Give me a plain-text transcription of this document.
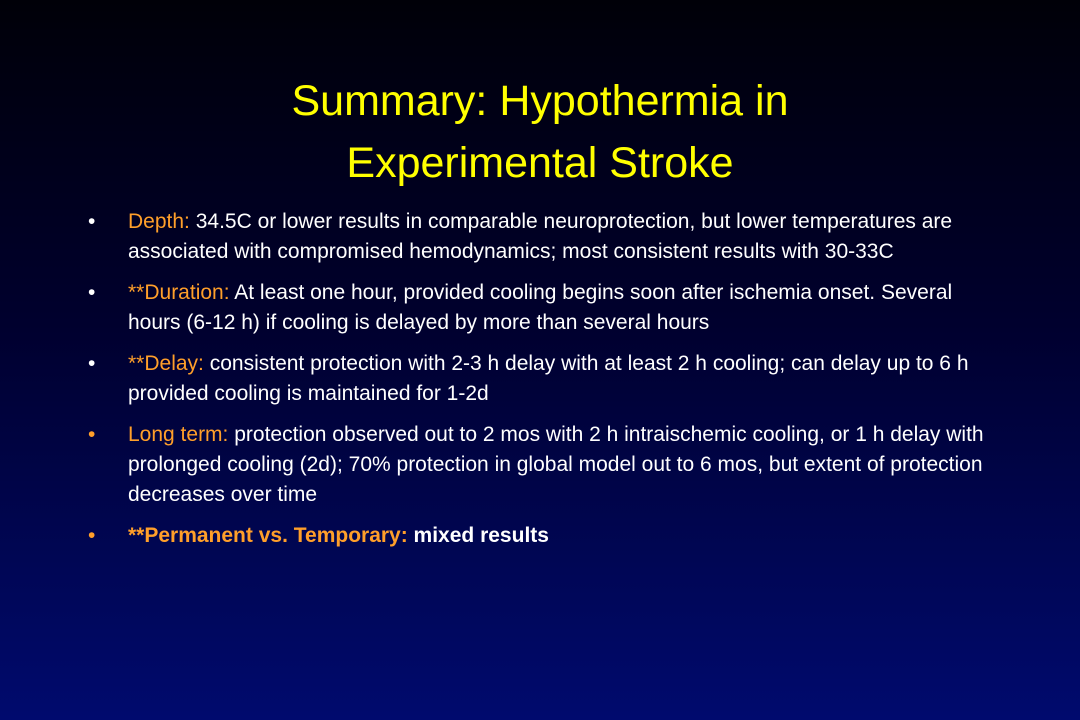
Summary: Hypothermia in
Experimental Stroke
• Depth: 34.5C or lower results in comparable neuroprotection, but lower temperatures are associated with compromised hemodynamics; most consistent results with 30-33C
• **Duration: At least one hour, provided cooling begins soon after ischemia onset. Several hours (6-12 h) if cooling is delayed by more than several hours
• **Delay: consistent protection with 2-3 h delay with at least 2 h cooling; can delay up to 6 h provided cooling is maintained for 1-2d
• Long term: protection observed out to 2 mos with 2 h intraischemic cooling, or 1 h delay with prolonged cooling (2d); 70% protection in global model out to 6 mos, but extent of protection decreases over time
• **Permanent vs. Temporary: mixed results
